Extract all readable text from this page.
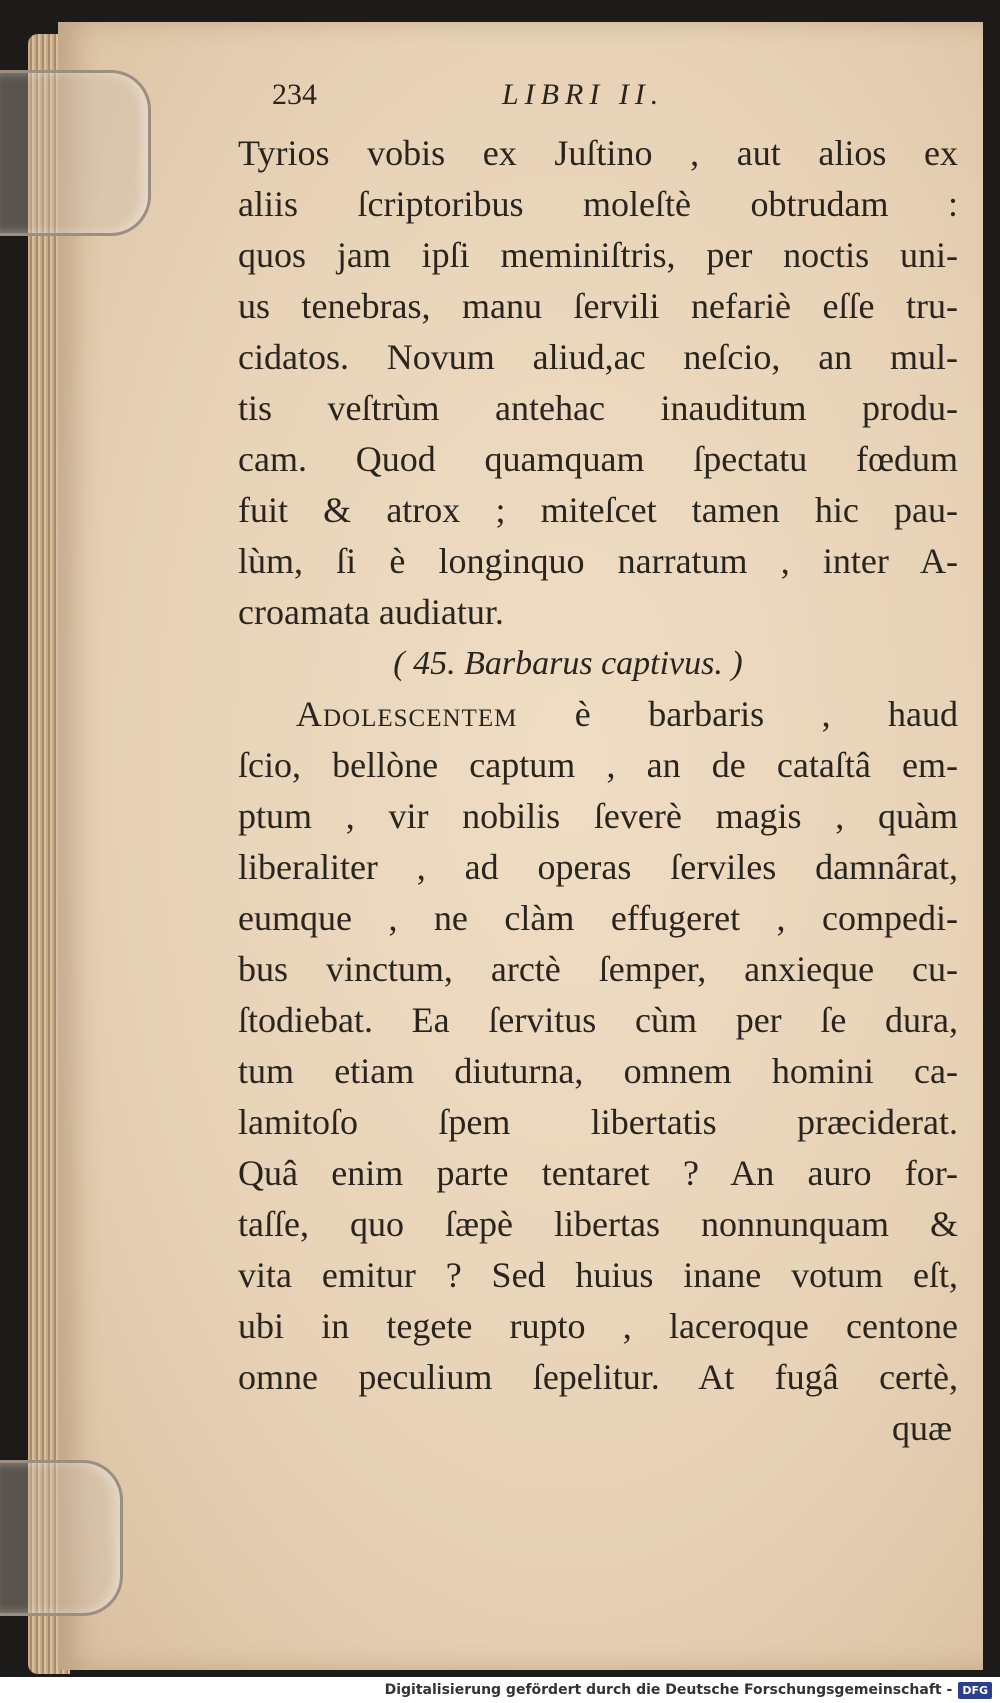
234	LIBRI II.
Tyrios vobis ex Juſtino , aut alios ex
aliis ſcriptoribus moleſtè obtrudam :
quos jam ipſi meminiſtris, per noctis uni-
us tenebras, manu ſervili nefariè eſſe tru-
cidatos. Novum aliud,ac neſcio, an mul-
tis veſtrùm antehac inauditum produ-
cam. Quod quamquam ſpectatu fœdum
fuit & atrox ; miteſcet tamen hic pau-
lùm, ſi è longinquo narratum , inter A-
croamata audiatur.
( 45. Barbarus captivus. )
Adolescentem è barbaris , haud
ſcio, bellòne captum , an de cataſtâ em-
ptum , vir nobilis ſeverè magis , quàm
liberaliter , ad operas ſerviles damnârat,
eumque , ne clàm effugeret , compedi-
bus vinctum, arctè ſemper, anxieque cu-
ſtodiebat. Ea ſervitus cùm per ſe dura,
tum etiam diuturna, omnem homini ca-
lamitoſo ſpem libertatis præciderat.
Quâ enim parte tentaret ? An auro for-
taſſe, quo ſæpè libertas nonnunquam &
vita emitur ? Sed huius inane votum eſt,
ubi in tegete rupto , laceroque centone
omne peculium ſepelitur. At fugâ certè,
quæ
Digitalisierung gefördert durch die Deutsche Forschungsgemeinschaft - DFG
